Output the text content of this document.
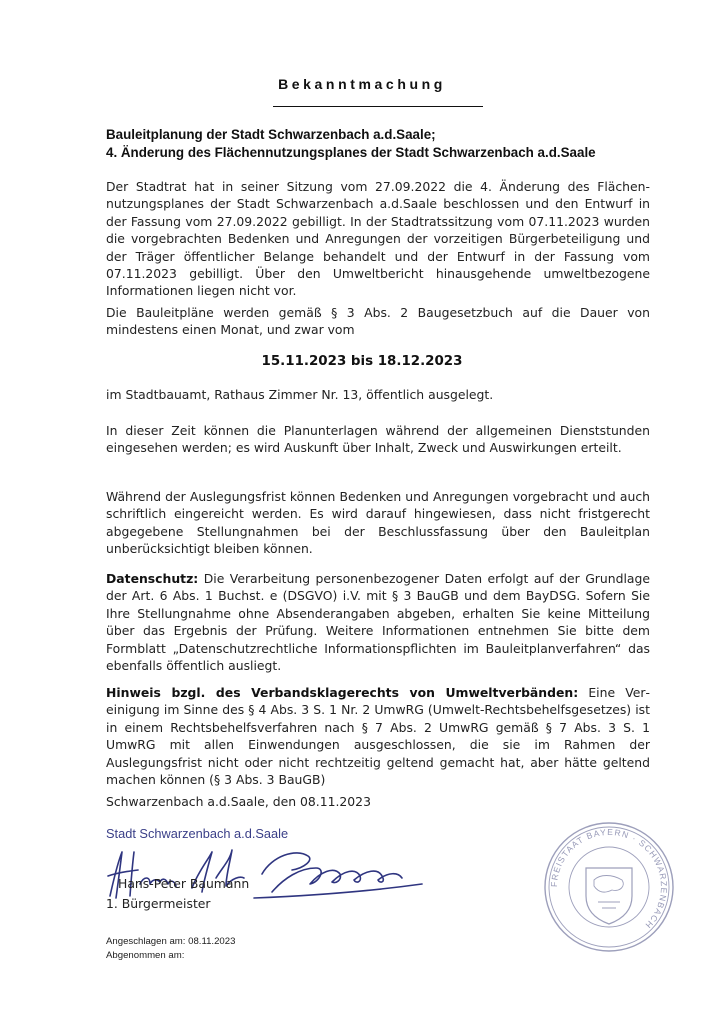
Bekanntmachung
Bauleitplanung der Stadt Schwarzenbach a.d.Saale;
4. Änderung des Flächennutzungsplanes der Stadt Schwarzenbach a.d.Saale

Der Stadtrat hat in seiner Sitzung vom 27.09.2022 die 4. Änderung des Flächennutzungsplanes der Stadt Schwarzenbach a.d.Saale beschlossen und den Entwurf in der Fassung vom 27.09.2022 gebilligt. In der Stadtratssitzung vom 07.11.2023 wurden die vorgebrachten Bedenken und Anregungen der vorzeitigen Bürgerbeteiligung und der Träger öffentlicher Belange behandelt und der Entwurf in der Fassung vom 07.11.2023 gebilligt. Über den Umweltbericht hinausgehende umweltbezogene Informationen liegen nicht vor.

Die Bauleitpläne werden gemäß § 3 Abs. 2 Baugesetzbuch auf die Dauer von mindestens einen Monat, und zwar vom

15.11.2023 bis 18.12.2023

im Stadtbauamt, Rathaus Zimmer Nr. 13, öffentlich ausgelegt.

In dieser Zeit können die Planunterlagen während der allgemeinen Dienststunden eingesehen werden; es wird Auskunft über Inhalt, Zweck und Auswirkungen erteilt.

Während der Auslegungsfrist können Bedenken und Anregungen vorgebracht und auch schriftlich eingereicht werden. Es wird darauf hingewiesen, dass nicht fristgerecht abgegebene Stellungnahmen bei der Beschlussfassung über den Bauleitplan unberücksichtigt bleiben können.

Datenschutz: Die Verarbeitung personenbezogener Daten erfolgt auf der Grundlage der Art. 6 Abs. 1 Buchst. e (DSGVO) i.V. mit § 3 BauGB und dem BayDSG. Sofern Sie Ihre Stellungnahme ohne Absenderangaben abgeben, erhalten Sie keine Mitteilung über das Ergebnis der Prüfung. Weitere Informationen entnehmen Sie bitte dem Formblatt „Datenschutzrechtliche Informationspflichten im Bauleitplanverfahren“ das ebenfalls öffentlich ausliegt.

Hinweis bzgl. des Verbandsklagerechts von Umweltverbänden: Eine Vereinigung im Sinne des § 4 Abs. 3 S. 1 Nr. 2 UmwRG (Umwelt-Rechtsbehelfsgesetzes) ist in einem Rechtsbehelfsverfahren nach § 7 Abs. 2 UmwRG gemäß § 7 Abs. 3 S. 1 UmwRG mit allen Einwendungen ausgeschlossen, die sie im Rahmen der Auslegungsfrist nicht oder nicht rechtzeitig geltend gemacht hat, aber hätte geltend machen können (§ 3 Abs. 3 BauGB)

Schwarzenbach a.d.Saale, den 08.11.2023
Stadt Schwarzenbach a.d.Saale
Hans-Peter Baumann
1. Bürgermeister
Angeschlagen am: 08.11.2023
Abgenommen am:
FREISTAAT BAYERN · SCHWARZENBACH
